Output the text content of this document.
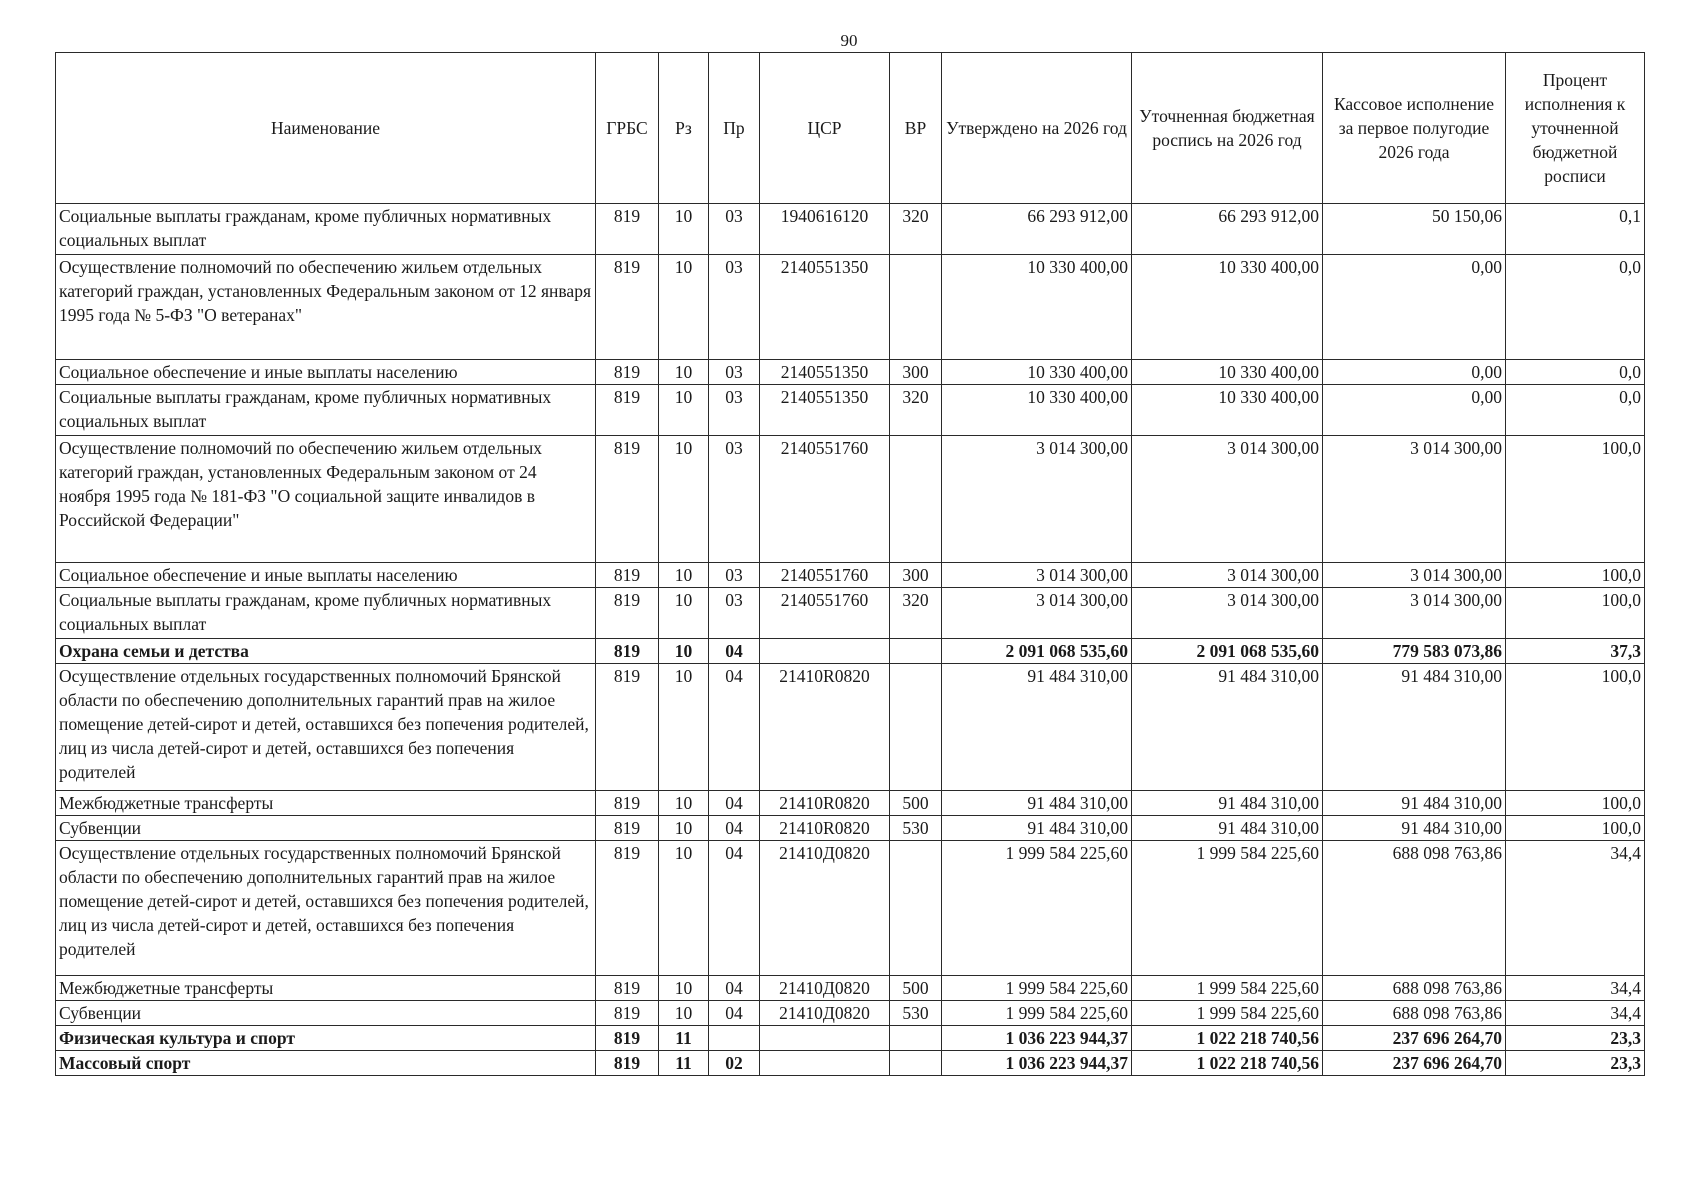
90
Наименование	ГРБС	Рз	Пр	ЦСР	ВР	Утверждено на 2026 год	Уточненная бюджетная роспись на 2026 год	Кассовое исполнение за первое полугодие 2026 года	Процент исполнения к уточненной бюджетной росписи
Социальные выплаты гражданам, кроме публичных нормативных социальных выплат	819	10	03	1940616120	320	66 293 912,00	66 293 912,00	50 150,06	0,1
Осуществление полномочий по обеспечению жильем отдельных категорий граждан, установленных Федеральным законом от 12 января 1995 года № 5-ФЗ "О ветеранах"	819	10	03	2140551350		10 330 400,00	10 330 400,00	0,00	0,0
Социальное обеспечение и иные выплаты населению	819	10	03	2140551350	300	10 330 400,00	10 330 400,00	0,00	0,0
Социальные выплаты гражданам, кроме публичных нормативных социальных выплат	819	10	03	2140551350	320	10 330 400,00	10 330 400,00	0,00	0,0
Осуществление полномочий по обеспечению жильем отдельных категорий граждан, установленных Федеральным законом от 24 ноября 1995 года № 181-ФЗ "О социальной защите инвалидов в Российской Федерации"	819	10	03	2140551760		3 014 300,00	3 014 300,00	3 014 300,00	100,0
Социальное обеспечение и иные выплаты населению	819	10	03	2140551760	300	3 014 300,00	3 014 300,00	3 014 300,00	100,0
Социальные выплаты гражданам, кроме публичных нормативных социальных выплат	819	10	03	2140551760	320	3 014 300,00	3 014 300,00	3 014 300,00	100,0
Охрана семьи и детства	819	10	04			2 091 068 535,60	2 091 068 535,60	779 583 073,86	37,3
Осуществление отдельных государственных полномочий Брянской области по обеспечению дополнительных гарантий прав на жилое помещение детей-сирот и детей, оставшихся без попечения родителей, лиц из числа детей-сирот и детей, оставшихся без попечения родителей	819	10	04	21410R0820		91 484 310,00	91 484 310,00	91 484 310,00	100,0
Межбюджетные трансферты	819	10	04	21410R0820	500	91 484 310,00	91 484 310,00	91 484 310,00	100,0
Субвенции	819	10	04	21410R0820	530	91 484 310,00	91 484 310,00	91 484 310,00	100,0
Осуществление отдельных государственных полномочий Брянской области по обеспечению дополнительных гарантий прав на жилое помещение детей-сирот и детей, оставшихся без попечения родителей, лиц из числа детей-сирот и детей, оставшихся без попечения родителей	819	10	04	21410Д0820		1 999 584 225,60	1 999 584 225,60	688 098 763,86	34,4
Межбюджетные трансферты	819	10	04	21410Д0820	500	1 999 584 225,60	1 999 584 225,60	688 098 763,86	34,4
Субвенции	819	10	04	21410Д0820	530	1 999 584 225,60	1 999 584 225,60	688 098 763,86	34,4
Физическая культура и спорт	819	11				1 036 223 944,37	1 022 218 740,56	237 696 264,70	23,3
Массовый спорт	819	11	02			1 036 223 944,37	1 022 218 740,56	237 696 264,70	23,3
